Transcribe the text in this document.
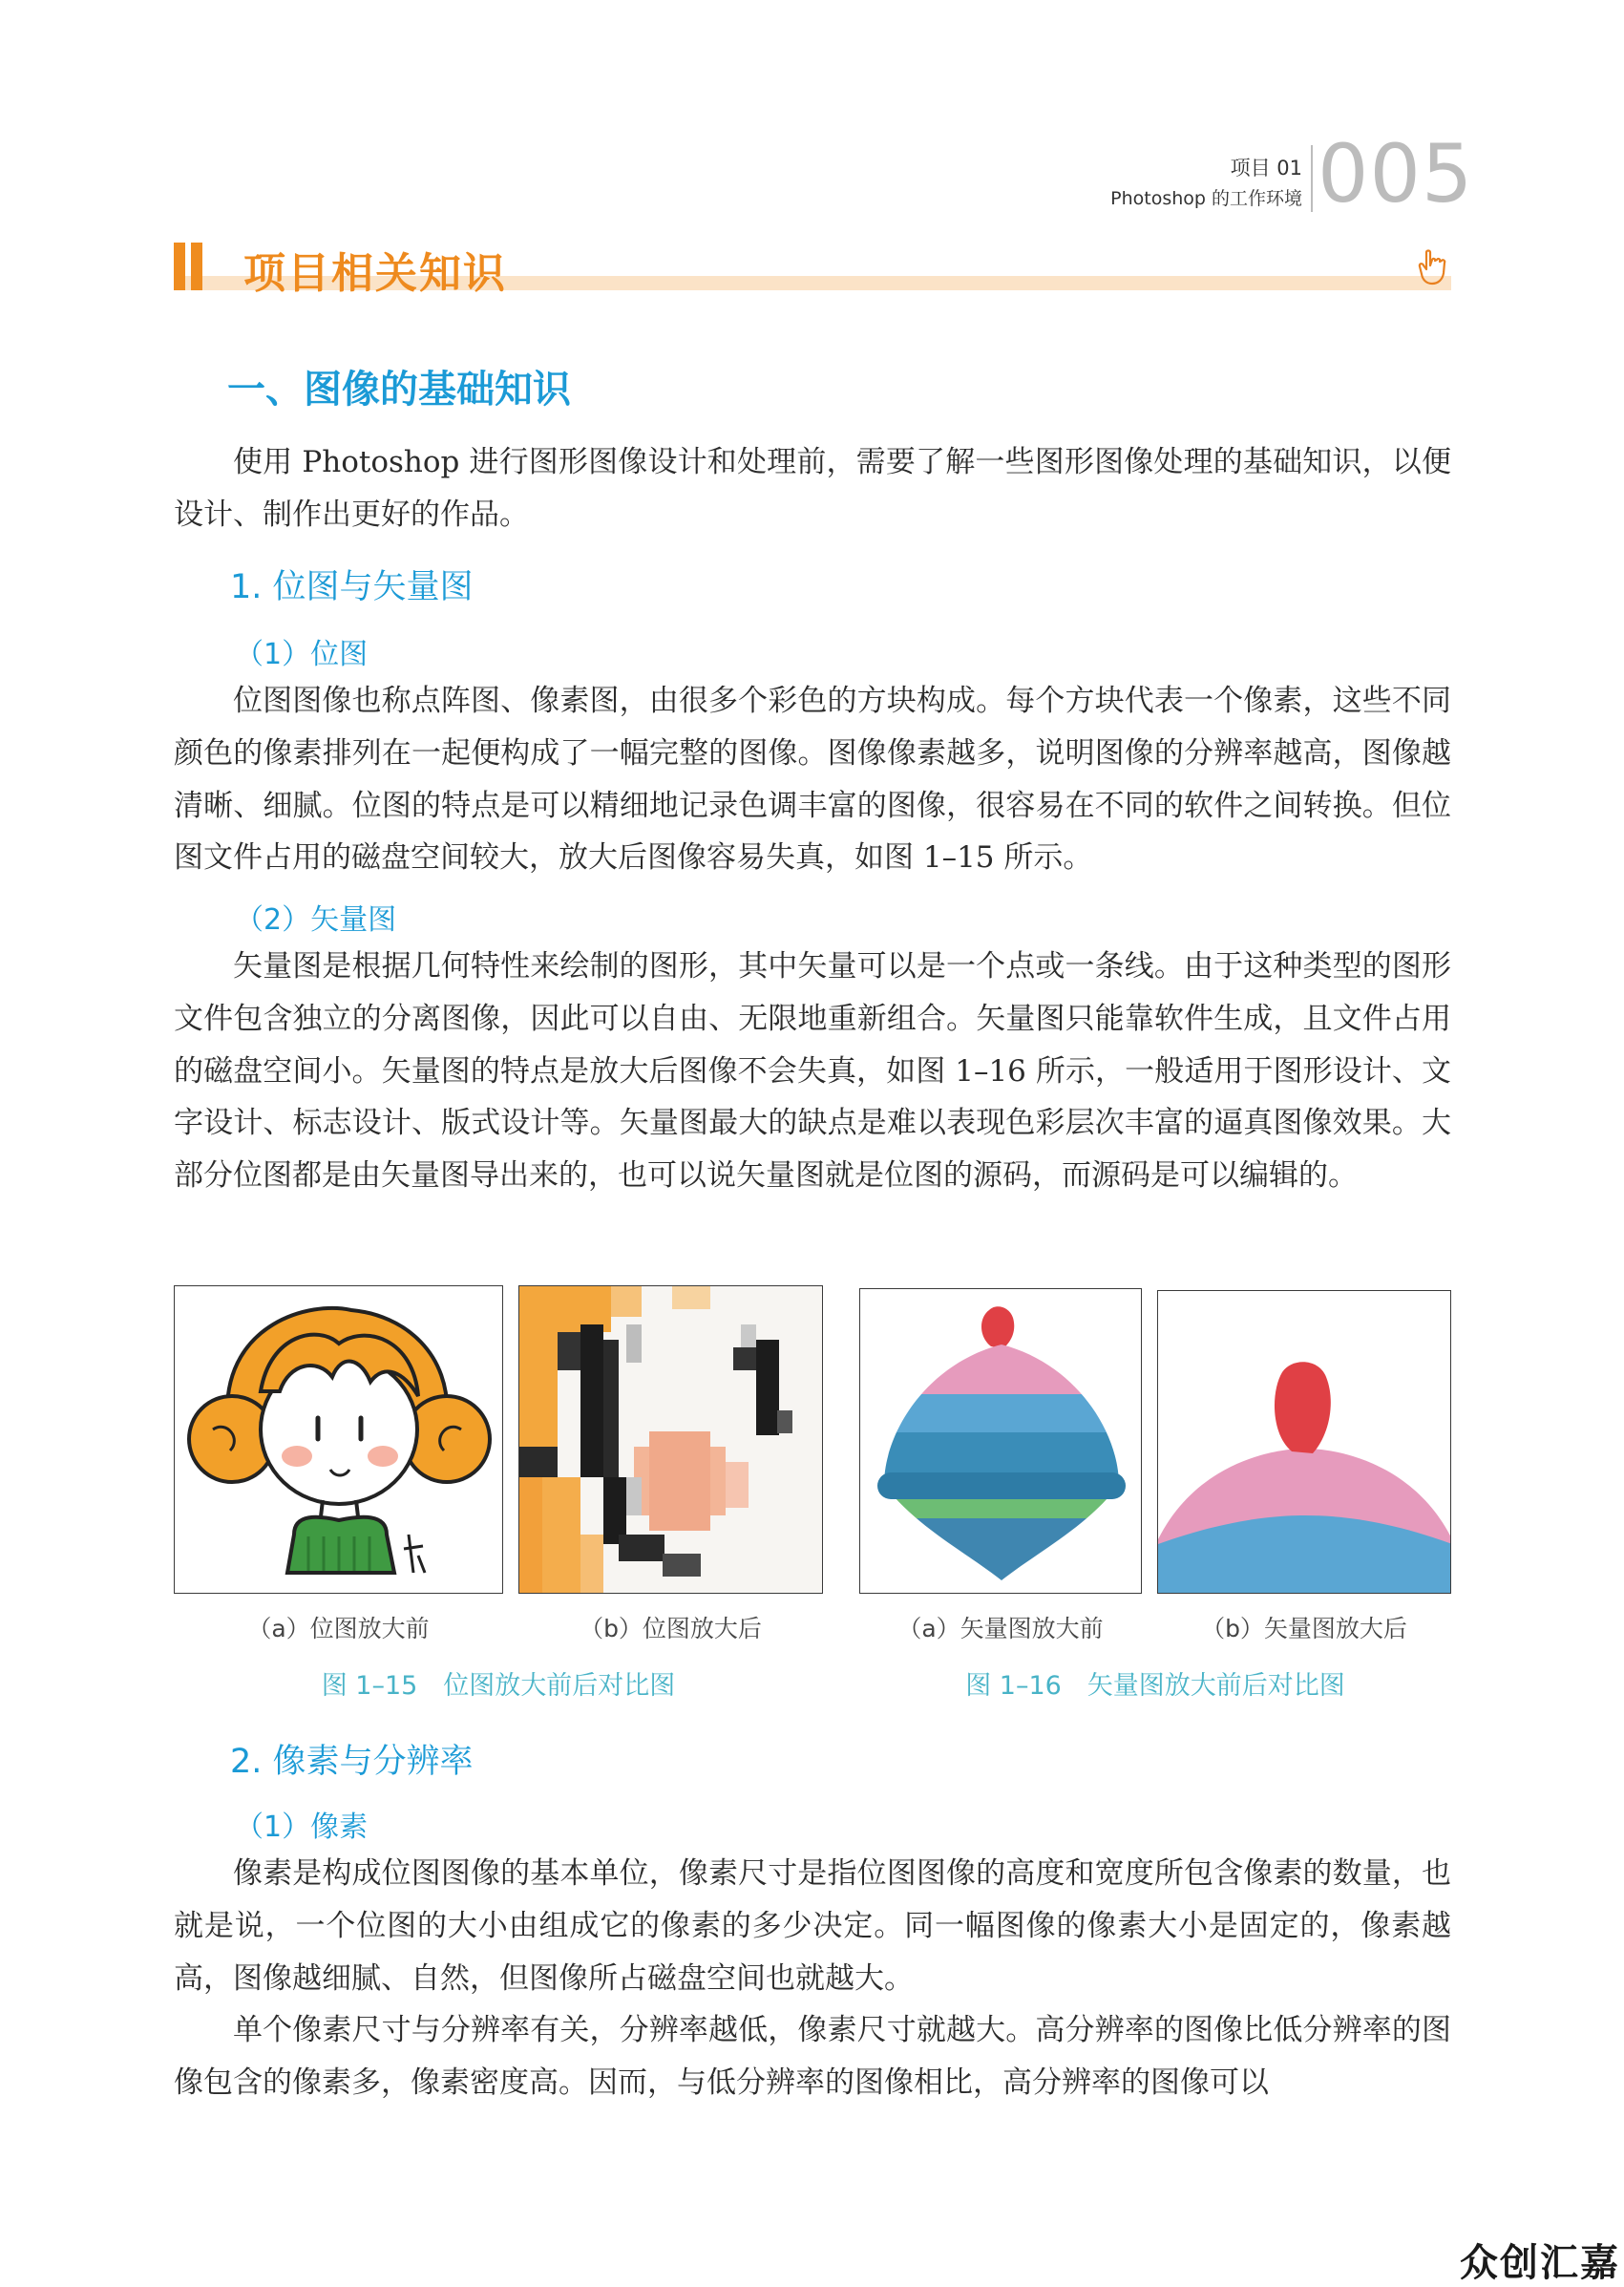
项目 01
Photoshop 的工作环境 005
项目相关知识
一、图像的基础知识

使用 Photoshop 进行图形图像设计和处理前，需要了解一些图形图像处理的基础知识，以便设计、制作出更好的作品。

1. 位图与矢量图
（1）位图

位图图像也称点阵图、像素图，由很多个彩色的方块构成。每个方块代表一个像素，这些不同颜色的像素排列在一起便构成了一幅完整的图像。图像像素越多，说明图像的分辨率越高，图像越清晰、细腻。位图的特点是可以精细地记录色调丰富的图像，很容易在不同的软件之间转换。但位图文件占用的磁盘空间较大，放大后图像容易失真，如图 1–15 所示。

（2）矢量图

矢量图是根据几何特性来绘制的图形，其中矢量可以是一个点或一条线。由于这种类型的图形文件包含独立的分离图像，因此可以自由、无限地重新组合。矢量图只能靠软件生成，且文件占用的磁盘空间小。矢量图的特点是放大后图像不会失真，如图 1–16 所示，一般适用于图形设计、文字设计、标志设计、版式设计等。矢量图最大的缺点是难以表现色彩层次丰富的逼真图像效果。大部分位图都是由矢量图导出来的，也可以说矢量图就是位图的源码，而源码是可以编辑的。

（a）位图放大前	（b）位图放大后	（a）矢量图放大前	（b）矢量图放大后
图 1–15　位图放大前后对比图	图 1–16　矢量图放大前后对比图
2. 像素与分辨率
（1）像素

像素是构成位图图像的基本单位，像素尺寸是指位图图像的高度和宽度所包含像素的数量，也就是说，一个位图的大小由组成它的像素的多少决定。同一幅图像的像素大小是固定的，像素越高，图像越细腻、自然，但图像所占磁盘空间也就越大。

单个像素尺寸与分辨率有关，分辨率越低，像素尺寸就越大。高分辨率的图像比低分辨率的图像包含的像素多，像素密度高。因而，与低分辨率的图像相比，高分辨率的图像可以

众创汇嘉
